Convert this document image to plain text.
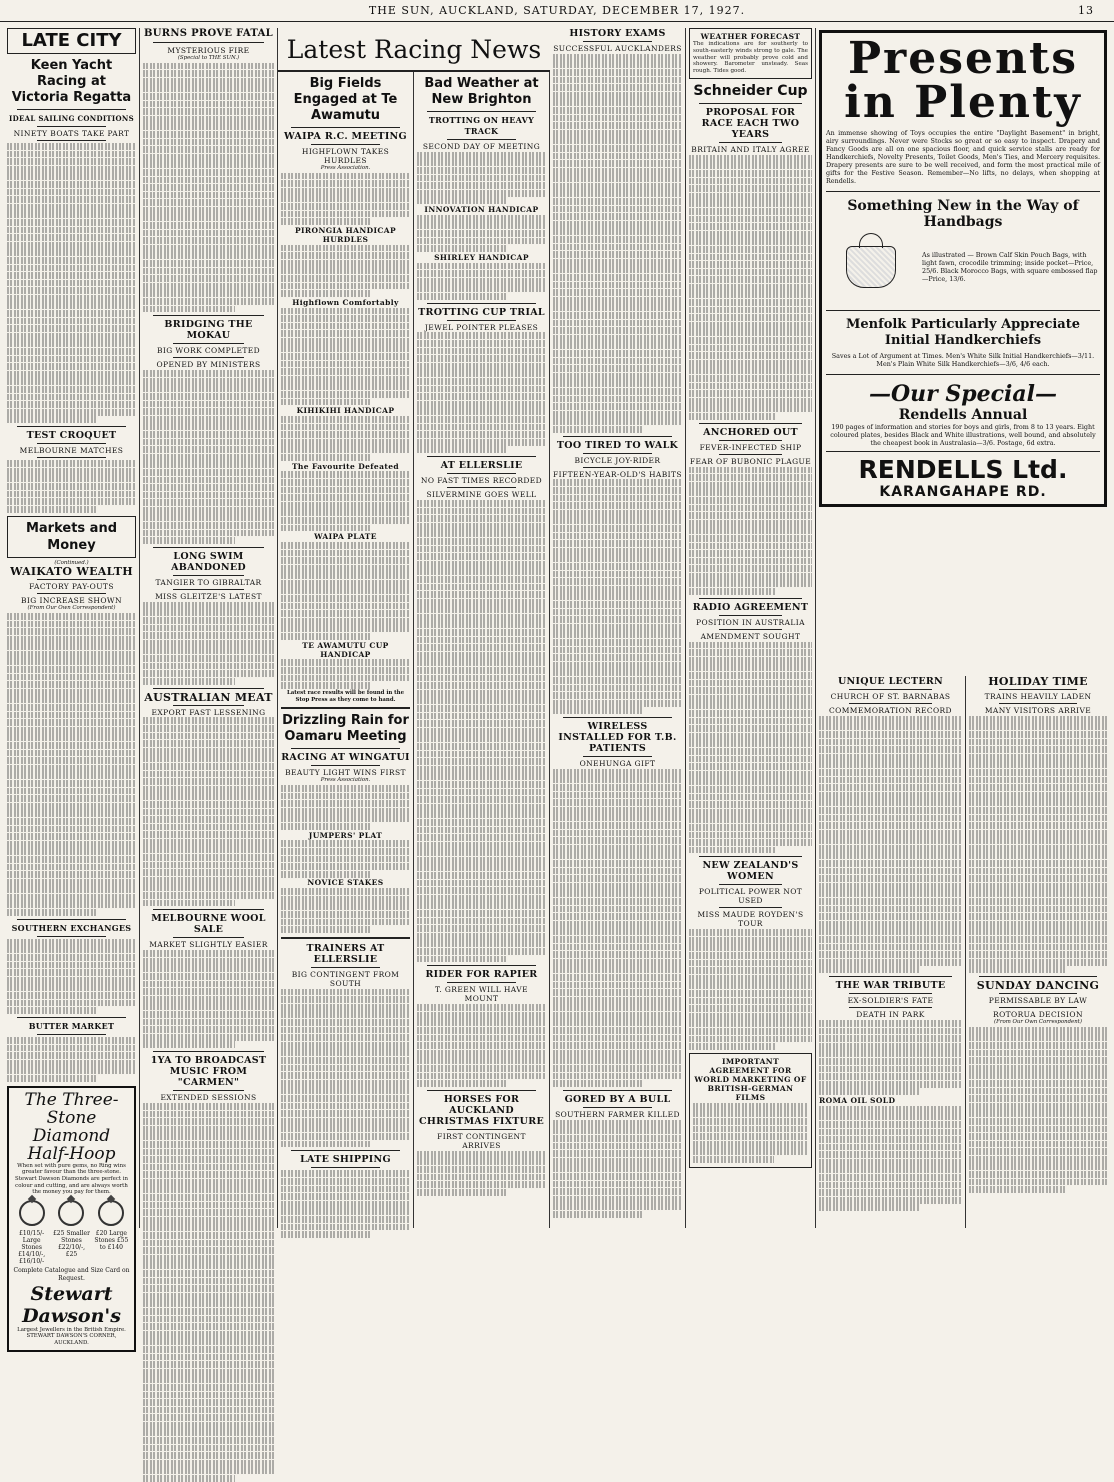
THE SUN, AUCKLAND, SATURDAY, DECEMBER 17, 1927.	13
Latest Racing News
LATE CITY
Keen Yacht Racing at Victoria Regatta
IDEAL SAILING CONDITIONS
NINETY BOATS TAKE PART
TEST CROQUET
MELBOURNE MATCHES
Markets and Money
(Continued.)
WAIKATO WEALTH
FACTORY PAY-OUTS
BIG INCREASE SHOWN
(From Our Own Correspondent)
SOUTHERN EXCHANGES
BUTTER MARKET
The Three-Stone Diamond Half-Hoop
When set with pure gems, no Ring wins greater favour than the three-stone. Stewart Dawson Diamonds are perfect in colour and cutting, and are always worth the money you pay for them.
£10/15/- Large Stones £14/10/-, £16/10/-
£25 Smaller Stones £22/10/-, £25
£20 Large Stones £55 to £140
Complete Catalogue and Size Card on Request.
Stewart Dawson's
Largest Jewellers in the British Empire. STEWART DAWSON'S CORNER, AUCKLAND.
BURNS PROVE FATAL
MYSTERIOUS FIRE
(Special to THE SUN.)
BRIDGING THE MOKAU
BIG WORK COMPLETED
OPENED BY MINISTERS
LONG SWIM ABANDONED
TANGIER TO GIBRALTAR
MISS GLEITZE'S LATEST
AUSTRALIAN MEAT
EXPORT FAST LESSENING
MELBOURNE WOOL SALE
MARKET SLIGHTLY EASIER
1YA TO BROADCAST MUSIC FROM "CARMEN"
EXTENDED SESSIONS
Big Fields Engaged at Te Awamutu
WAIPA R.C. MEETING
HIGHFLOWN TAKES HURDLES
Press Association.
PIRONGIA HANDICAP HURDLES
Highflown Comfortably
KIHIKIHI HANDICAP
The Favourite Defeated
WAIPA PLATE
TE AWAMUTU CUP HANDICAP
Latest race results will be found in the Stop Press as they come to hand.
Drizzling Rain for Oamaru Meeting
RACING AT WINGATUI
BEAUTY LIGHT WINS FIRST
Press Association.
JUMPERS' PLAT
NOVICE STAKES
TRAINERS AT ELLERSLIE
BIG CONTINGENT FROM SOUTH
LATE SHIPPING
Bad Weather at New Brighton
TROTTING ON HEAVY TRACK
SECOND DAY OF MEETING
INNOVATION HANDICAP
SHIRLEY HANDICAP
TROTTING CUP TRIAL
JEWEL POINTER PLEASES
AT ELLERSLIE
NO FAST TIMES RECORDED
SILVERMINE GOES WELL
RIDER FOR RAPIER
T. GREEN WILL HAVE MOUNT
HORSES FOR AUCKLAND CHRISTMAS FIXTURE
FIRST CONTINGENT ARRIVES
HISTORY EXAMS
SUCCESSFUL AUCKLANDERS
TOO TIRED TO WALK
BICYCLE JOY-RIDER
FIFTEEN-YEAR-OLD'S HABITS
WIRELESS INSTALLED FOR T.B. PATIENTS
ONEHUNGA GIFT
GORED BY A BULL
SOUTHERN FARMER KILLED
WEATHER FORECAST
The indications are for southerly to south-easterly winds strong to gale. The weather will probably prove cold and showery. Barometer unsteady. Seas rough. Tides good.
Schneider Cup
PROPOSAL FOR RACE EACH TWO YEARS
BRITAIN AND ITALY AGREE
ANCHORED OUT
FEVER-INFECTED SHIP
FEAR OF BUBONIC PLAGUE
RADIO AGREEMENT
POSITION IN AUSTRALIA
AMENDMENT SOUGHT
NEW ZEALAND'S WOMEN
POLITICAL POWER NOT USED
MISS MAUDE ROYDEN'S TOUR
IMPORTANT AGREEMENT FOR WORLD MARKETING OF BRITISH-GERMAN FILMS
Presents in Plenty
An immense showing of Toys occupies the entire "Daylight Basement" in bright, airy surroundings. Never were Stocks so great or so easy to inspect. Drapery and Fancy Goods are all on one spacious floor, and quick service stalls are ready for Handkerchiefs, Novelty Presents, Toilet Goods, Men's Ties, and Mercery requisites. Drapery presents are sure to be well received, and form the most practical mile of gifts for the Festive Season. Remember—No lifts, no delays, when shopping at Rendells.
Something New in the Way of Handbags
As illustrated — Brown Calf Skin Pouch Bags, with light fawn, crocodile trimming; inside pocket—Price, 25/6. Black Morocco Bags, with square embossed flap—Price, 13/6.
Menfolk Particularly Appreciate Initial Handkerchiefs
Saves a Lot of Argument at Times. Men's White Silk Initial Handkerchiefs—3/11. Men's Plain White Silk Handkerchiefs—3/6, 4/6 each.
—Our Special—
Rendells Annual
190 pages of information and stories for boys and girls, from 8 to 13 years. Eight coloured plates, besides Black and White illustrations, well bound, and absolutely the cheapest book in Australasia—3/6. Postage, 6d extra.
RENDELLS Ltd.
KARANGAHAPE RD.
UNIQUE LECTERN
CHURCH OF ST. BARNABAS
COMMEMORATION RECORD
THE WAR TRIBUTE
EX-SOLDIER'S FATE
DEATH IN PARK
ROMA OIL SOLD
HOLIDAY TIME
TRAINS HEAVILY LADEN
MANY VISITORS ARRIVE
SUNDAY DANCING
PERMISSABLE BY LAW
ROTORUA DECISION
(From Our Own Correspondent)
